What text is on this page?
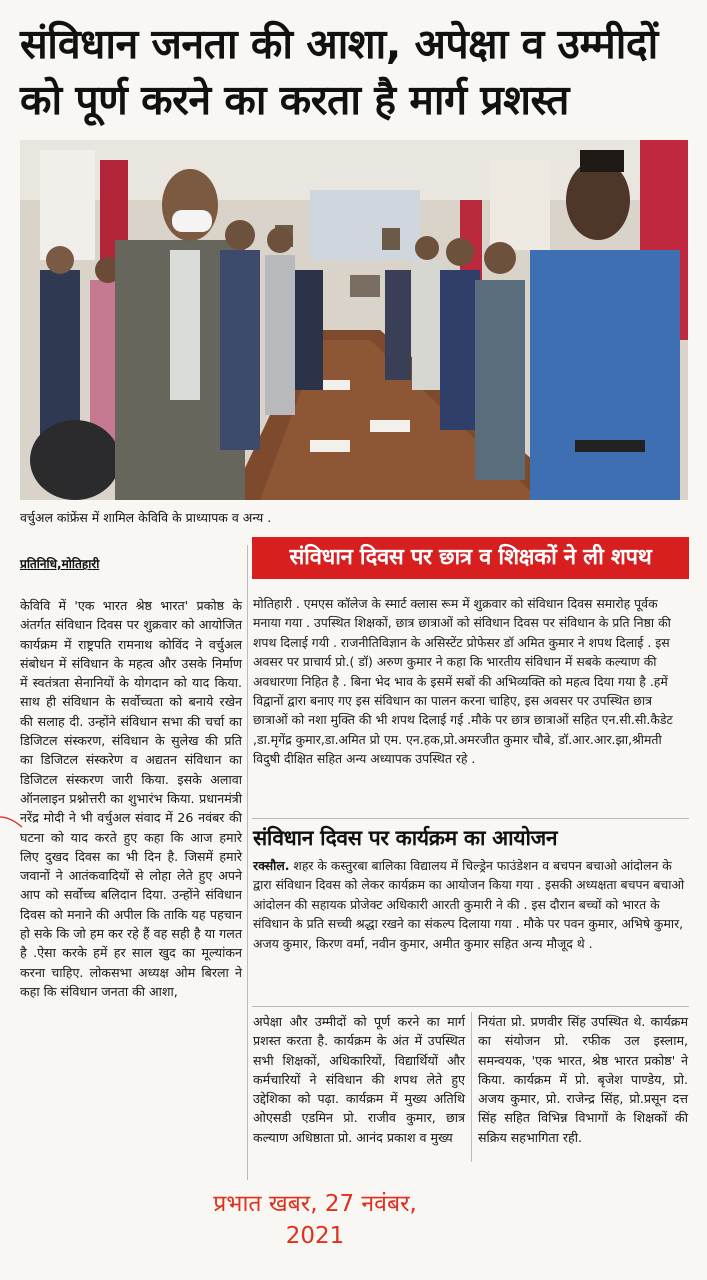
संविधान जनता की आशा, अपेक्षा व उम्मीदों
को पूर्ण करने का करता है मार्ग प्रशस्त
वर्चुअल कांफ्रेंस में शामिल केविवि के प्राध्यापक व अन्य .
प्रतिनिधि,मोतिहारी

केविवि में 'एक भारत श्रेष्ठ भारत' प्रकोष्ठ के अंतर्गत संविधान दिवस पर शुक्रवार को आयोजित कार्यक्रम में राष्ट्रपति रामनाथ कोविंद ने वर्चुअल संबोधन में संविधान के महत्व और उसके निर्माण में स्वतंत्रता सेनानियों के योगदान को याद किया. साथ ही संविधान के सर्वोच्चता को बनाये रखेन की सलाह दी. उन्होंने संविधान सभा की चर्चा का डिजिटल संस्करण, संविधान के सुलेख की प्रति का डिजिटल संस्करेण व अद्यतन संविधान का डिजिटल संस्करण जारी किया. इसके अलावा ऑनलाइन प्रश्नोत्तरी का शुभारंभ किया. प्रधानमंत्री नरेंद्र मोदी ने भी वर्चुअल संवाद में 26 नवंबर की घटना को याद करते हुए कहा कि आज हमारे लिए दुखद दिवस का भी दिन है. जिसमें हमारे जवानों ने आतंकवादियों से लोहा लेते हुए अपने आप को सर्वोच्च बलिदान दिया. उन्होंने संविधान दिवस को मनाने की अपील कि ताकि यह पहचान हो सके कि जो हम कर रहे हैं वह सही है या गलत है .ऐसा करके हमें हर साल खुद का मूल्यांकन करना चाहिए. लोकसभा अध्यक्ष ओम बिरला ने कहा कि संविधान जनता की आशा,

संविधान दिवस पर छात्र व शिक्षकों ने ली शपथ

मोतिहारी . एमएस कॉलेज के स्मार्ट क्लास रूम में शुक्रवार को संविधान दिवस समारोह पूर्वक मनाया गया . उपस्थित शिक्षकों, छात्र छात्राओं को संविधान दिवस पर संविधान के प्रति निष्ठा की शपथ दिलाई गयी . राजनीतिविज्ञान के असिस्टेंट प्रोफेसर डॉ अमित कुमार ने शपथ दिलाई . इस अवसर पर प्राचार्य प्रो.( डॉ) अरुण कुमार ने कहा कि भारतीय संविधान में सबके कल्याण की अवधारणा निहित है . बिना भेद भाव के इसमें सबों की अभिव्यक्ति को महत्व दिया गया है .हमें विद्वानों द्वारा बनाए गए इस संविधान का पालन करना चाहिए, इस अवसर पर उपस्थित छात्र छात्राओं को नशा मुक्ति की भी शपथ दिलाई गई .मौके पर छात्र छात्राओं सहित एन.सी.सी.कैडेट ,डा.मृगेंद्र कुमार,डा.अमित प्रो एम. एन.हक,प्रो.अमरजीत कुमार चौबे, डॉ.आर.आर.झा,श्रीमती विदुषी दीक्षित सहित अन्य अध्यापक उपस्थित रहे .

संविधान दिवस पर कार्यक्रम का आयोजन

रक्सौल. शहर के कस्तुरबा बालिका विद्यालय में चिल्ड्रेन फाउंडेशन व बचपन बचाओ आंदोलन के द्वारा संविधान दिवस को लेकर कार्यक्रम का आयोजन किया गया . इसकी अध्यक्षता बचपन बचाओ आंदोलन की सहायक प्रोजेक्ट अधिकारी आरती कुमारी ने की . इस दौरान बच्चों को भारत के संविधान के प्रति सच्ची श्रद्धा रखने का संकल्प दिलाया गया . मौके पर पवन कुमार, अभिषे कुमार, अजय कुमार, किरण वर्मा, नवीन कुमार, अमीत कुमार सहित अन्य मौजूद थे .

अपेक्षा और उम्मीदों को पूर्ण करने का मार्ग प्रशस्त करता है. कार्यक्रम के अंत में उपस्थित सभी शिक्षकों, अधिकारियों, विद्यार्थियों और कर्मचारियों ने संविधान की शपथ लेते हुए उद्देशिका को पढ़ा. कार्यक्रम में मुख्य अतिथि ओएसडी एडमिन प्रो. राजीव कुमार, छात्र कल्याण अधिष्ठाता प्रो. आनंद प्रकाश व मुख्य
नियंता प्रो. प्रणवीर सिंह उपस्थित थे. कार्यक्रम का संयोजन प्रो. रफीक उल इस्लाम, समन्वयक, 'एक भारत, श्रेष्ठ भारत प्रकोष्ठ' ने किया. कार्यक्रम में प्रो. बृजेश पाण्डेय, प्रो. अजय कुमार, प्रो. राजेन्द्र सिंह, प्रो.प्रसून दत्त सिंह सहित विभिन्न विभागों के शिक्षकों की सक्रिय सहभागिता रही.
प्रभात खबर, 27 नवंबर,
2021
